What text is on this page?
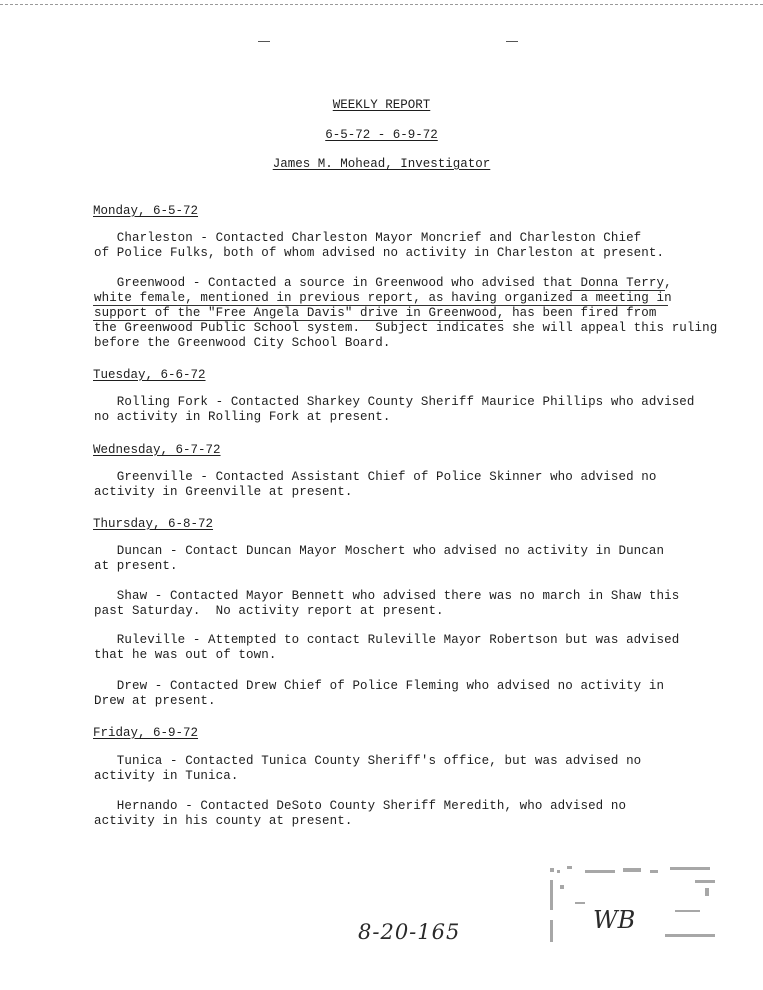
WEEKLY REPORT
6-5-72 - 6-9-72
James M. Mohead, Investigator
Monday, 6-5-72
Charleston - Contacted Charleston Mayor Moncrief and Charleston Chief
of Police Fulks, both of whom advised no activity in Charleston at present.
Greenwood - Contacted a source in Greenwood who advised that Donna Terry,
white female, mentioned in previous report, as having organized a meeting in
support of the "Free Angela Davis" drive in Greenwood, has been fired from
the Greenwood Public School system.  Subject indicates she will appeal this ruling
before the Greenwood City School Board.
Tuesday, 6-6-72
Rolling Fork - Contacted Sharkey County Sheriff Maurice Phillips who advised
no activity in Rolling Fork at present.
Wednesday, 6-7-72
Greenville - Contacted Assistant Chief of Police Skinner who advised no
activity in Greenville at present.
Thursday, 6-8-72
Duncan - Contact Duncan Mayor Moschert who advised no activity in Duncan
at present.
Shaw - Contacted Mayor Bennett who advised there was no march in Shaw this
past Saturday.  No activity report at present.
Ruleville - Attempted to contact Ruleville Mayor Robertson but was advised
that he was out of town.
Drew - Contacted Drew Chief of Police Fleming who advised no activity in
Drew at present.
Friday, 6-9-72
Tunica - Contacted Tunica County Sheriff's office, but was advised no
activity in Tunica.
Hernando - Contacted DeSoto County Sheriff Meredith, who advised no
activity in his county at present.
8-20-165	WB
